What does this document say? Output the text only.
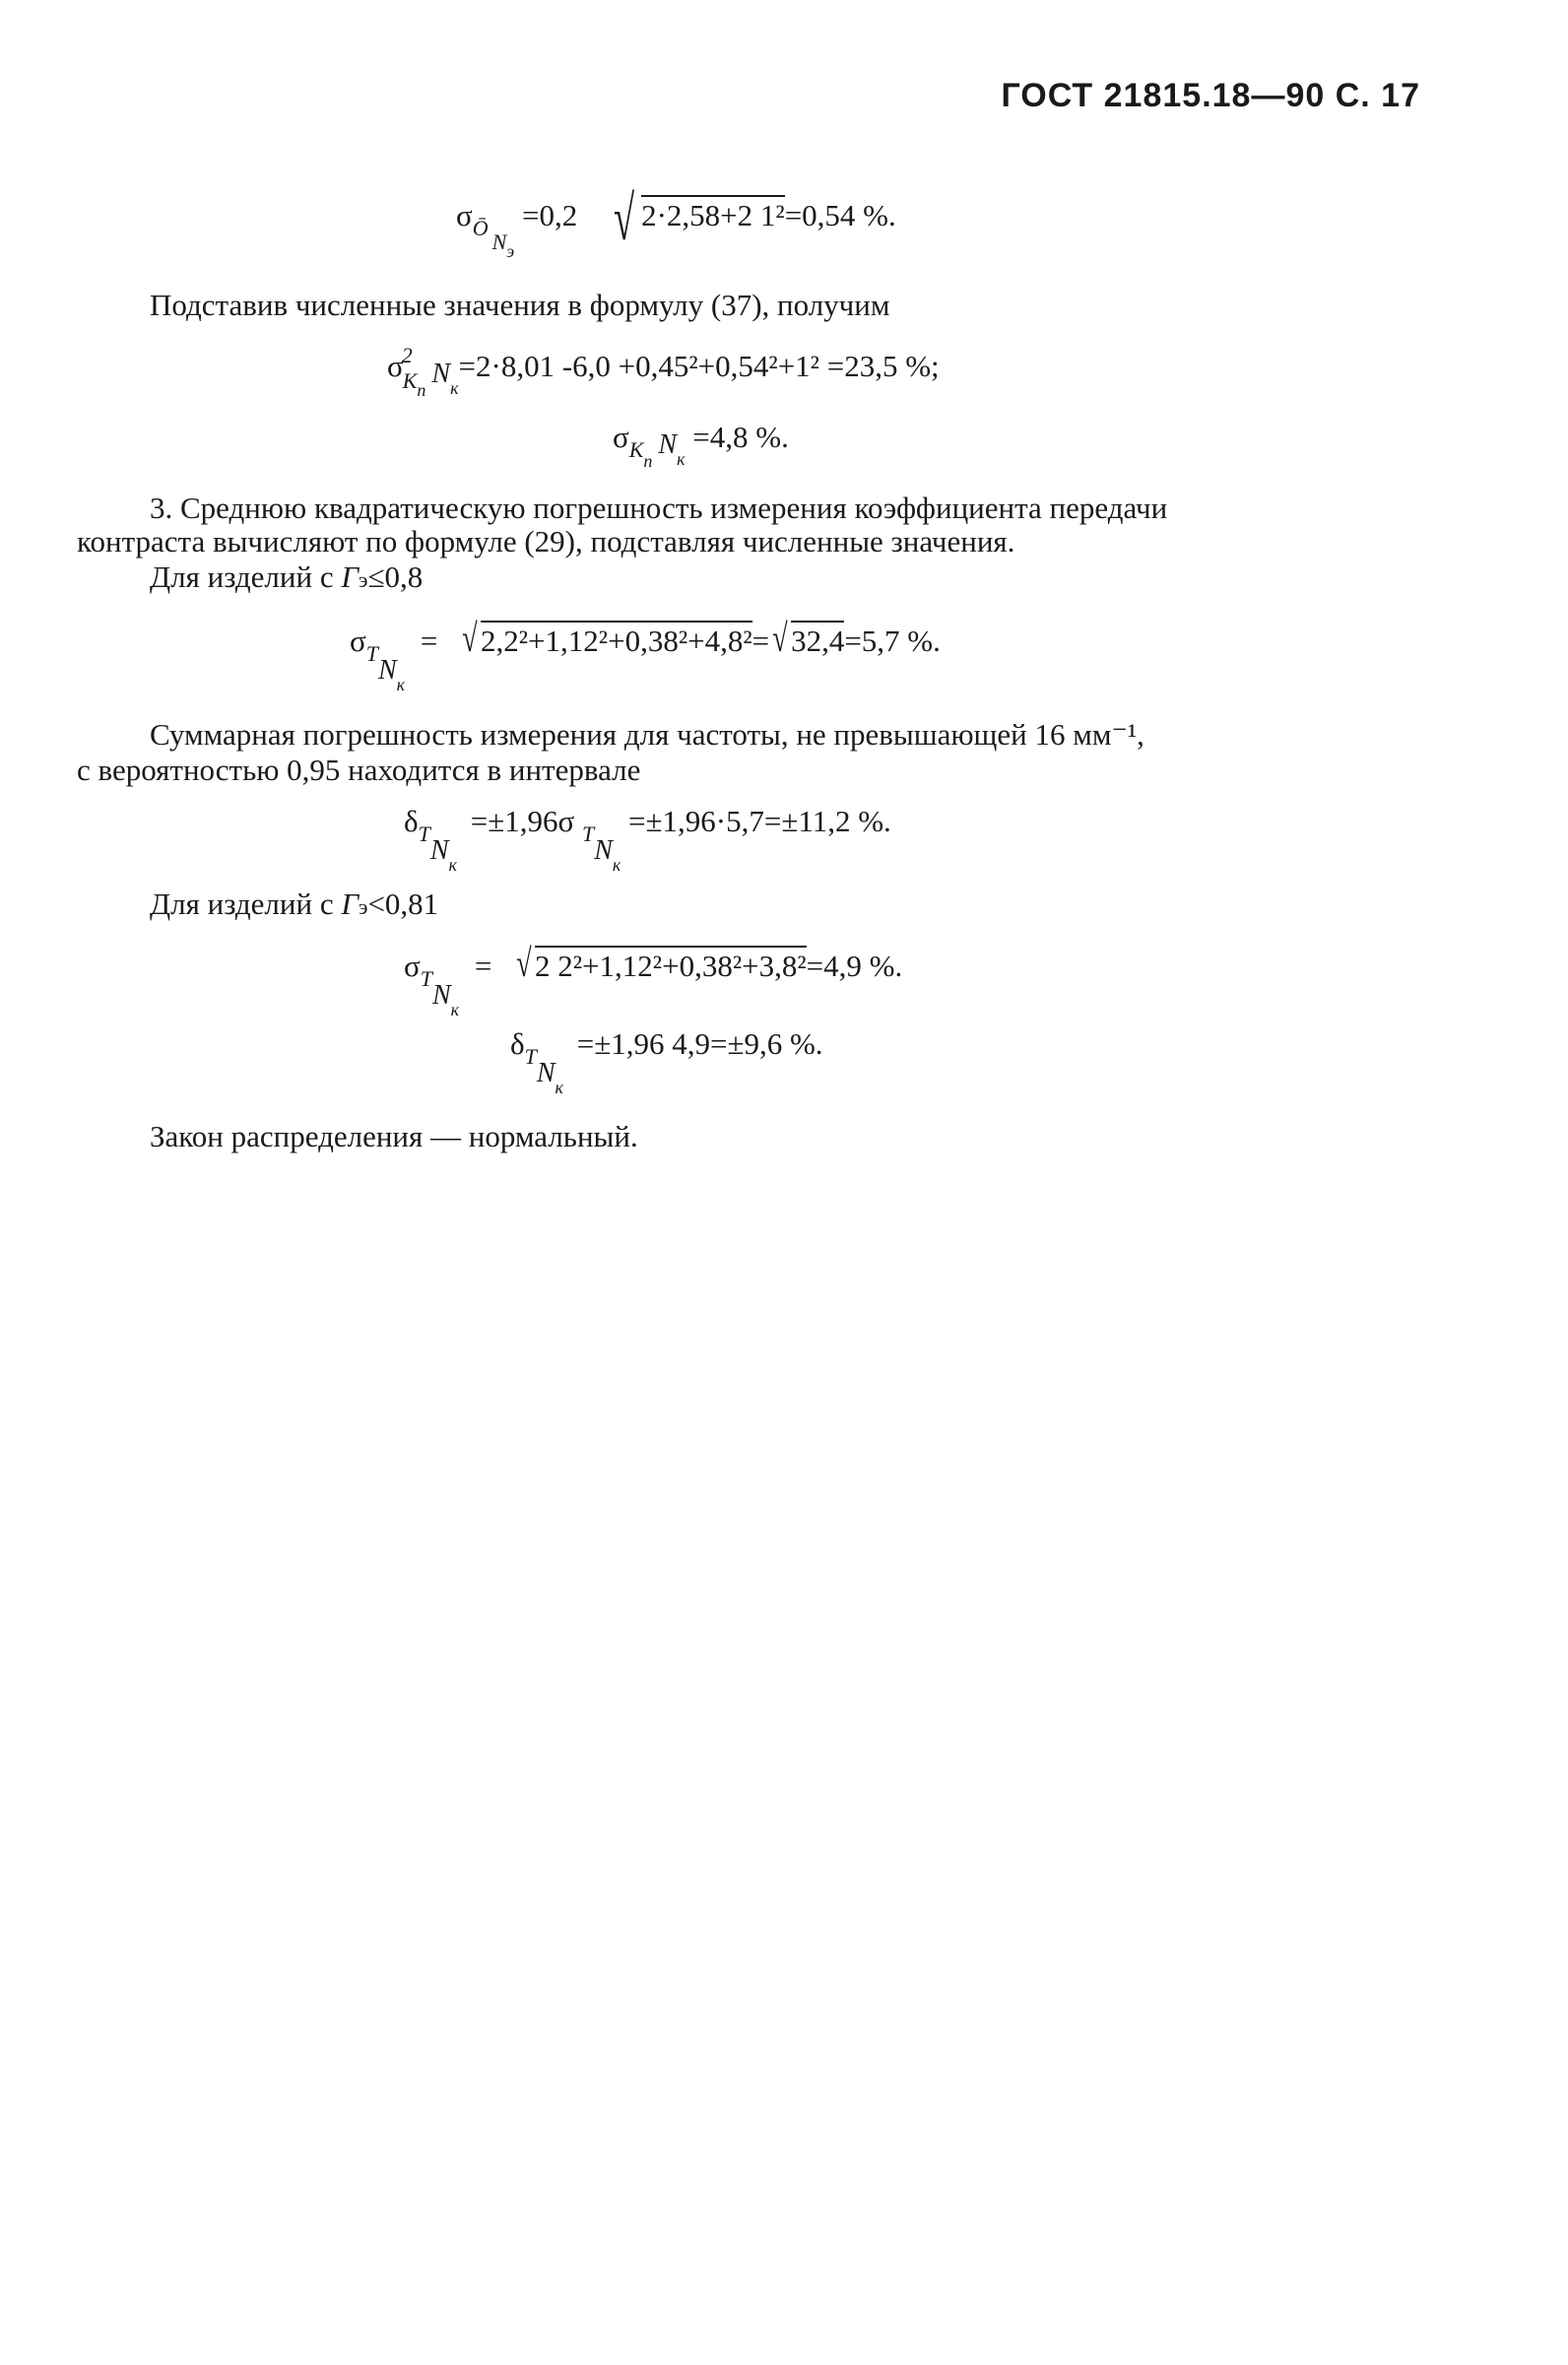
ГОСТ 21815.18—90 С. 17
$\sigma_{ŌNэ} =0,2$ √ 2·2,58+2 1²=0,54 %.
Подставив численные значения в формулу (37), получим
$\sigma^2_{Kп}N_к=2\cdot 8,01$ -6,0 +0,45²+0,54²+1² =23,5 %;
$\sigma_{Kп}N_к =4,8$ %.
3. Среднюю квадратическую погрешность измерения коэффициента передачи
контраста вычисляют по формуле (29), подставляя численные значения.
Для изделий с Гэ≤0,8
$\sigma_TN_к$ = √ 2,2²+1,12²+0,38²+4,8²=√ 32,4=5,7 %.
Суммарная погрешность измерения для частоты, не превышающей 16 мм⁻¹,
с вероятностью 0,95 находится в интервале
$\delta_TN_к =\pm 1,96\sigma$ $_TN_к =\pm 1,96\cdot 5,7=\pm 11,2$ %.
Для изделий с Гэ<0,81
$\sigma_TN_к$ = √ 2 2²+1,12²+0,38²+3,8²=4,9 %.
$\delta_TN_к =\pm 1,96$ 4,9=±9,6 %.
Закон распределения — нормальный.
